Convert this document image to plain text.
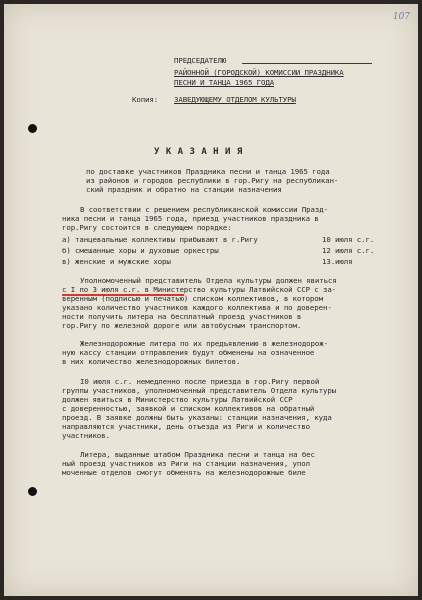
107
ПРЕДСЕДАТЕЛЮ
РАЙОННОЙ (ГОРОДСКОЙ) КОМИССИИ ПРАЗДНИКА
ПЕСНИ И ТАНЦА 1965 ГОДА
Копия: ЗАВЕДУЮЩЕМУ ОТДЕЛОМ КУЛЬТУРЫ
У К А З А Н И Я
по доставке участников Праздника песни и танца 1965 года
из районов и городов республики в гор.Ригу на республикан-
ский праздник и обратно на станции назначения
В соответствии с решением республиканской комиссии Празд-
ника песни и танца 1965 года, приезд участников праздника в
гор.Ригу состоится в следующем порядке:
а) танцевальные коллективы прибывают в г.Ригу	10 июля с.г.
б) смешанные хоры и духовые оркестры	12 июля с.г.
в) женские и мужские хоры	13.июля
Уполномоченный представитель Отдела культуры должен явиться
с I по 3 июля с.г. в Министерство культуры Латвийской ССР с за-
веренным (подписью и печатью) списком коллективов, в котором
указано количество участников каждого коллектива и по доверен-
ности получить литера на бесплатный проезд участников в
гор.Ригу по железной дороге или автобусным транспортом.
Железнодорожные литера по их предъявлению в железнодорож-
ную кассу станции отправления будут обменены на означенное
в них количество железнодорожных билетов.
I0 июля с.г. немедленно после приезда в гор.Ригу первой
группы участников, уполномоченный представитель Отдела культуры
должен явиться в Министерство культуры Латвийской ССР
с доверенностью, заявкой и списком коллективов на обратный
проезд. В заявке должны быть указаны: станции назначения, куда
направляются участники, день отъезда из Риги и количество
участников.
Литера, выданные штабом Праздника песни и танца на бес
ный проезд участников из Риги на станции назначения, упол
моченные отделов смогут обменять на железнодорожные биле
